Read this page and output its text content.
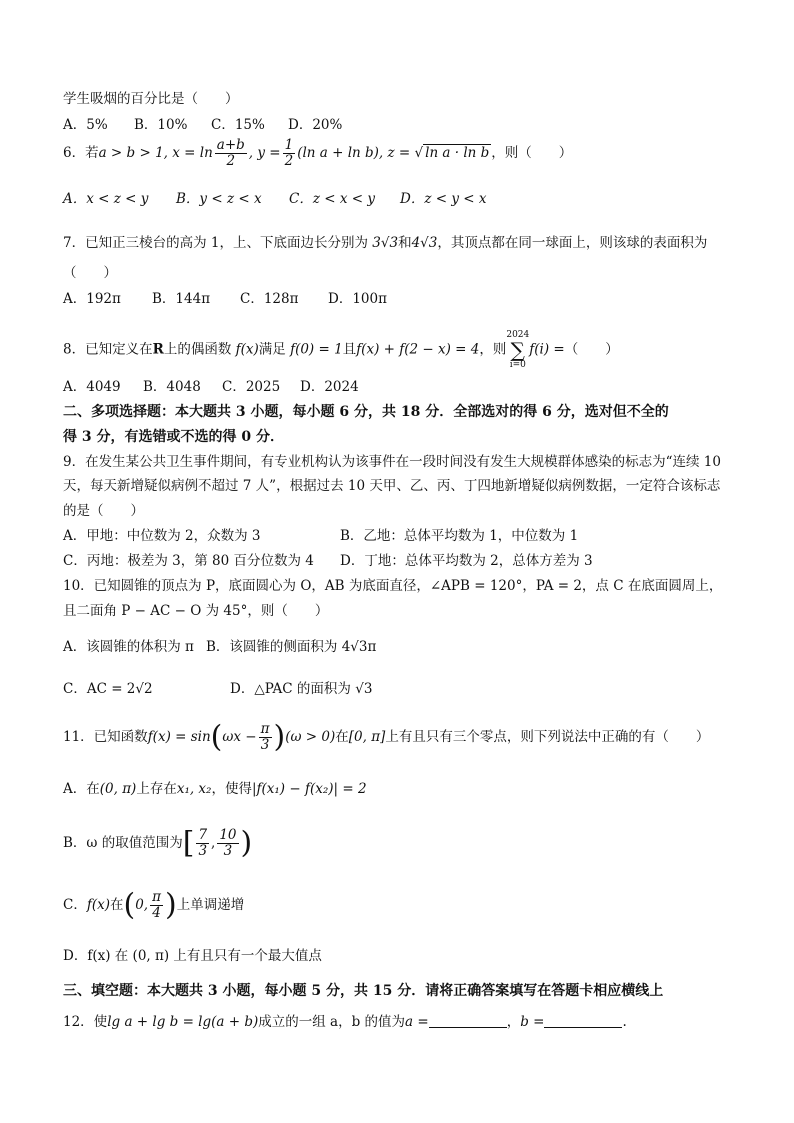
学生吸烟的百分比是（　　）
A．5% B．10% C．15% D．20%
6．若a > b > 1, $x = \ln \frac{a+b}{2}$ , $y = \frac{1}{2} (\ln$ a + ln b), z = √ ln a · ln b ，则（　　）
A．x < z < y B．y < z < x C．z < x < y D．z < y < x
7．已知正三棱台的高为 1，上、下底面边长分别为 3√3和4√3，其顶点都在同一球面上，则该球的表面积为
（　　）
A．192π B．144π C．128π D．100π
8．已知定义在R上的偶函数 f(x)满足 f(0) = 1且f(x) + f(2 − x) = 4，则2024
∑
i=0f(i) =（　　）
A．4049 B．4048 C．2025 D．2024
二、多项选择题：本大题共 3 小题，每小题 6 分，共 18 分．全部选对的得 6 分，选对但不全的
得 3 分，有选错或不选的得 0 分．
9．在发生某公共卫生事件期间，有专业机构认为该事件在一段时间没有发生大规模群体感染的标志为“连续 10
天，每天新增疑似病例不超过 7 人”，根据过去 10 天甲、乙、丙、丁四地新增疑似病例数据，一定符合该标志
的是（　　）
A．甲地：中位数为 2，众数为 3	B．乙地：总体平均数为 1，中位数为 1
C．丙地：极差为 3，第 80 百分位数为 4 D．丁地：总体平均数为 2，总体方差为 3
10．已知圆锥的顶点为 P，底面圆心为 O，AB 为底面直径，∠APB = 120°，PA = 2，点 C 在底面圆周上，
且二面角 P − AC − O 为 45°，则（　　）
A．该圆锥的体积为 π B．该圆锥的侧面积为 4√3π
C．AC = 2√2	D．△PAC 的面积为 √3
11．已知函数$f(x) = \sin(\omega x - \frac{\pi}{3} )(\omega > 0)$在[0, π]上有且只有三个零点，则下列说法中正确的有（　　）
A．在(0, π)上存在x₁, x₂，使得|f(x₁) − f(x₂)| = 2
B．ω 的取值范围为[ $\frac{7}{3}$ , $\frac{10}{3}$ )
C．f(x)在(0, $\frac{\pi}{4}$ )上单调递增
D．f(x) 在 (0, π) 上有且只有一个最大值点
三、填空题：本大题共 3 小题，每小题 5 分，共 15 分．请将正确答案填写在答题卡相应横线上
12．使lg a + lg b = lg(a + b)成立的一组 a，b 的值为a =	，b =	.
